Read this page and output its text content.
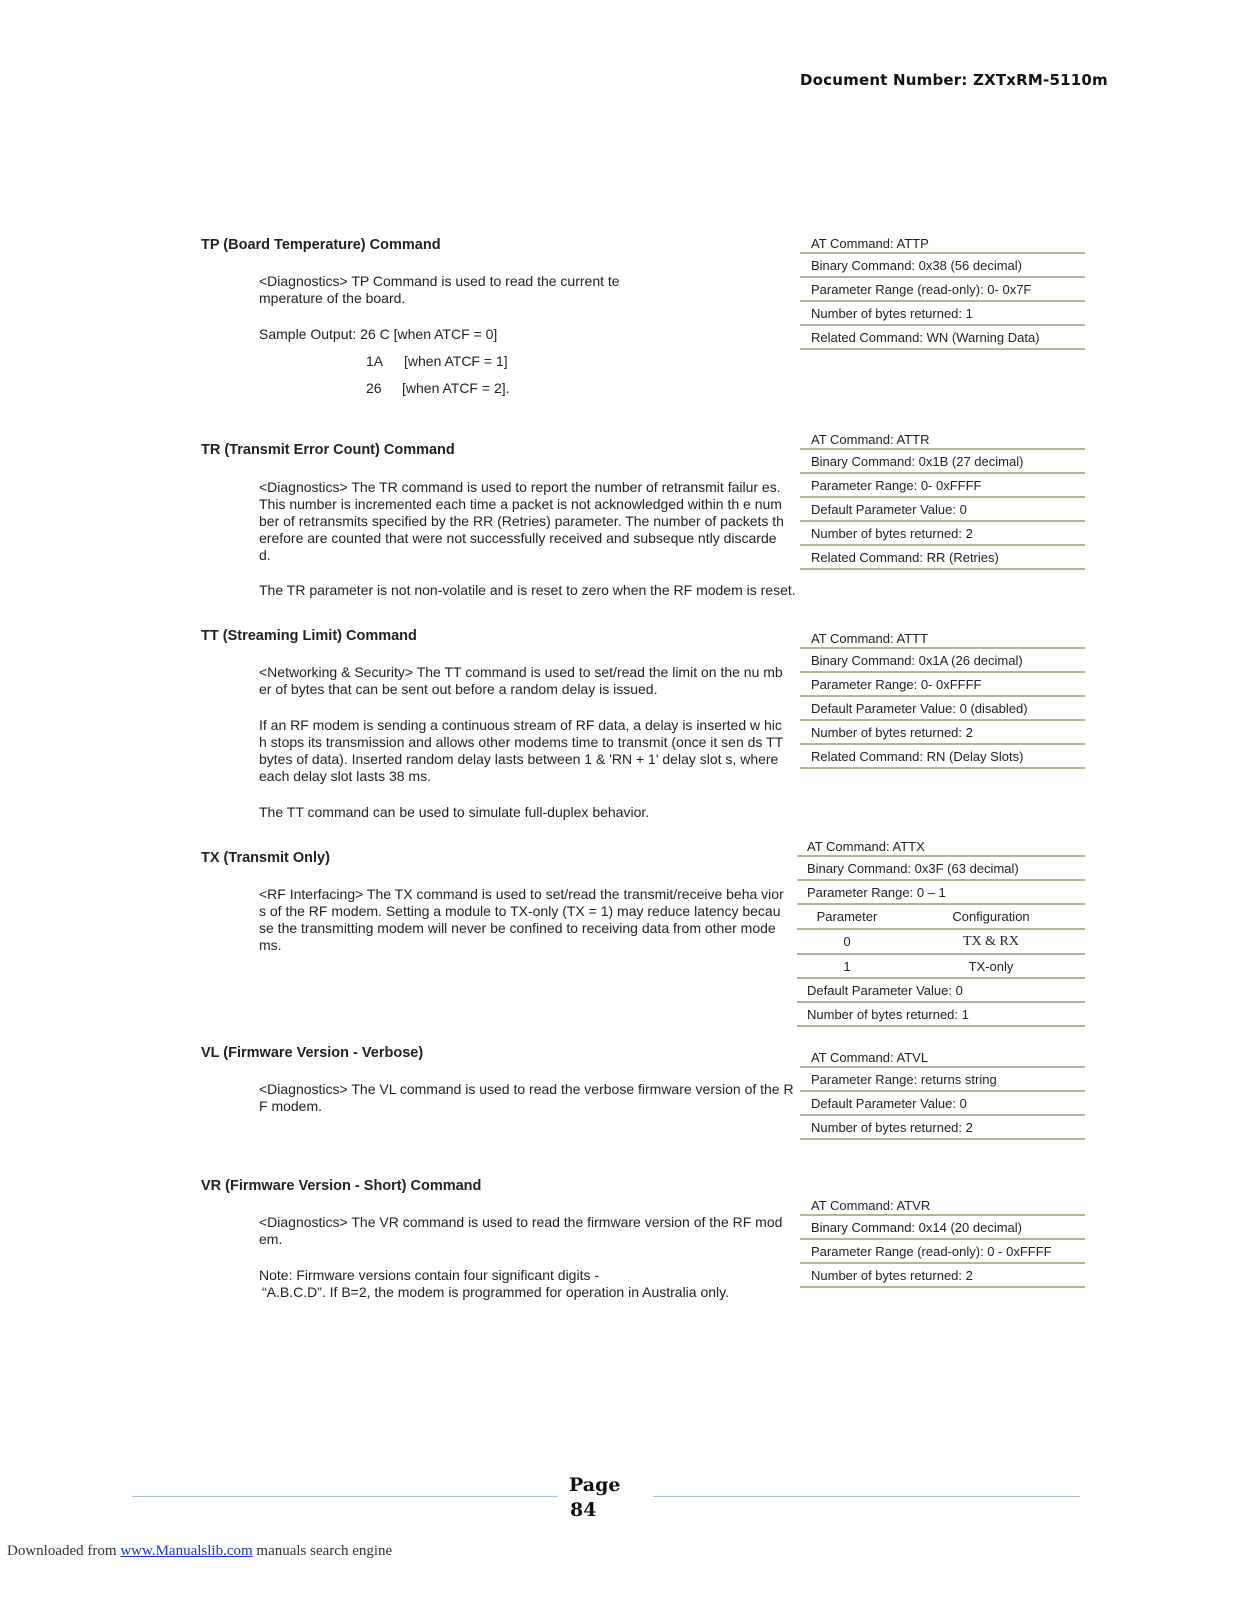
Document Number: ZXTxRM-5110m
TP (Board Temperature) Command
<Diagnostics> TP Command is used to read the current temperature of the board.
Sample Output: 26 C [when ATCF = 0]
1A [when ATCF = 1]
26 [when ATCF = 2].
AT Command: ATTP
Binary Command: 0x38 (56 decimal)
Parameter Range (read-only): 0- 0x7F
Number of bytes returned: 1
Related Command: WN (Warning Data)
TR (Transmit Error Count) Command
<Diagnostics> The TR command is used to report the number of retransmit failur es. This number is incremented each time a packet is not acknowledged within th e number of retransmits specified by the RR (Retries) parameter. The number of packets therefore are counted that were not successfully received and subseque ntly discarded.
The TR parameter is not non-volatile and is reset to zero when the RF modem is reset.
AT Command: ATTR
Binary Command: 0x1B (27 decimal)
Parameter Range: 0- 0xFFFF
Default Parameter Value: 0
Number of bytes returned: 2
Related Command: RR (Retries)
TT (Streaming Limit) Command
<Networking & Security> The TT command is used to set/read the limit on the nu mber of bytes that can be sent out before a random delay is issued.
If an RF modem is sending a continuous stream of RF data, a delay is inserted w hich stops its transmission and allows other modems time to transmit (once it sen ds TT bytes of data). Inserted random delay lasts between 1 & 'RN + 1' delay slot s, where each delay slot lasts 38 ms.
The TT command can be used to simulate full-duplex behavior.
AT Command: ATTT
Binary Command: 0x1A (26 decimal)
Parameter Range: 0- 0xFFFF
Default Parameter Value: 0 (disabled)
Number of bytes returned: 2
Related Command: RN (Delay Slots)
TX (Transmit Only)
<RF Interfacing> The TX command is used to set/read the transmit/receive beha viors of the RF modem. Setting a module to TX-only (TX = 1) may reduce latency because the transmitting modem will never be confined to receiving data from other modems.
AT Command: ATTX
Binary Command: 0x3F (63 decimal)
Parameter Range: 0 – 1
Parameter	Configuration
0	TX & RX
1	TX-only
Default Parameter Value: 0
Number of bytes returned: 1
VL (Firmware Version - Verbose)
<Diagnostics> The VL command is used to read the verbose firmware version of the RF modem.
AT Command: ATVL
Parameter Range: returns string
Default Parameter Value: 0
Number of bytes returned: 2
VR (Firmware Version - Short) Command
<Diagnostics> The VR command is used to read the firmware version of the RF modem.
Note: Firmware versions contain four significant digits -
“A.B.C.D”. If B=2, the modem is programmed for operation in Australia only.
AT Command: ATVR
Binary Command: 0x14 (20 decimal)
Parameter Range (read-only): 0 - 0xFFFF
Number of bytes returned: 2
Page
84
Downloaded from www.Manualslib.com manuals search engine
